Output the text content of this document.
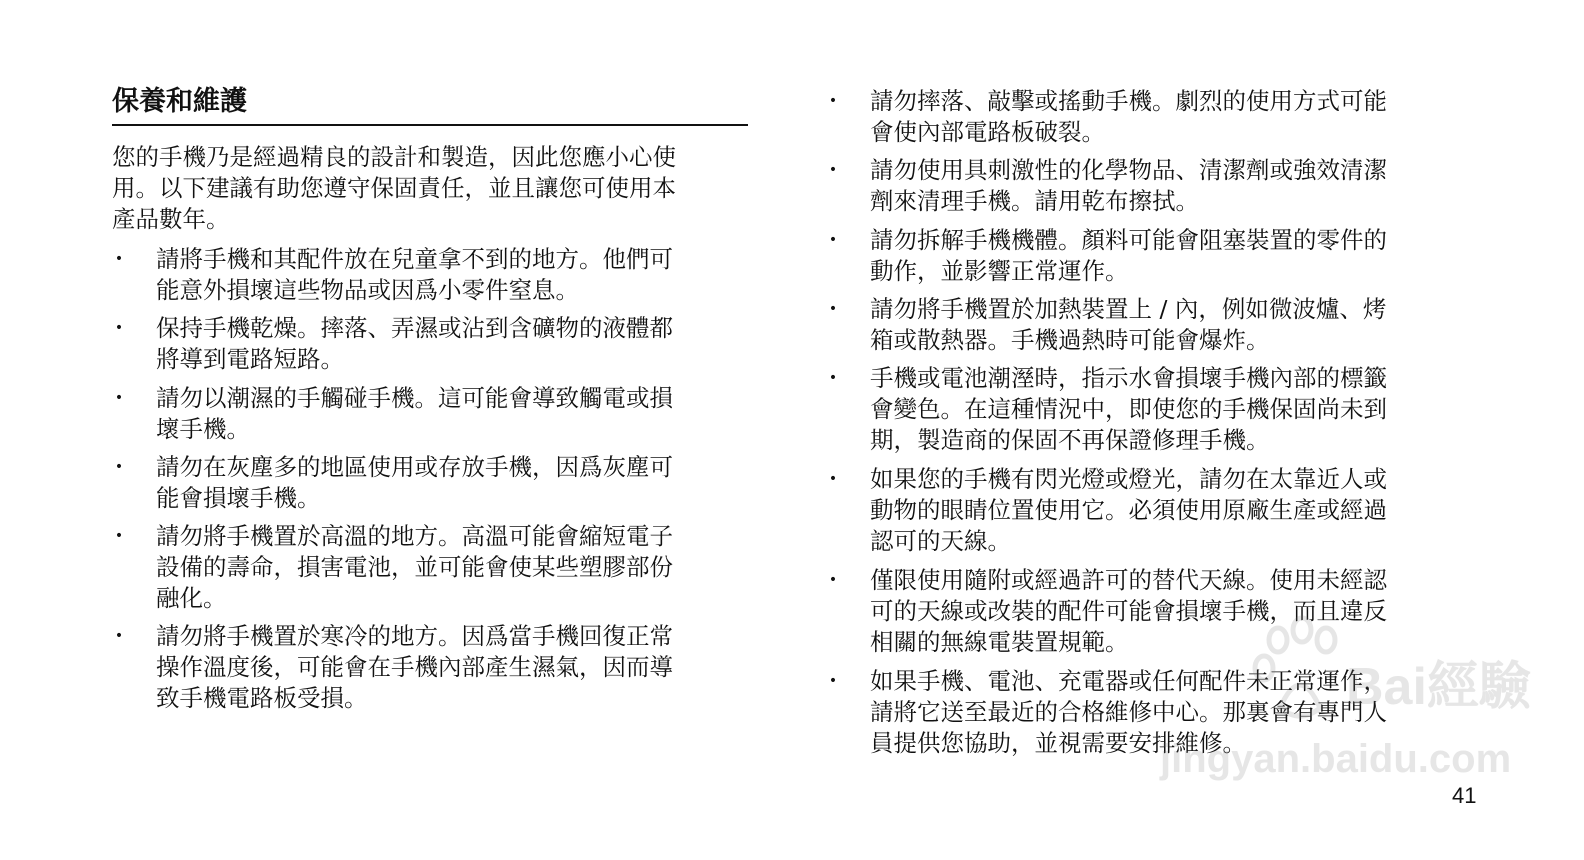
保養和維護
您的手機乃是經過精良的設計和製造，因此您應小心使
用。以下建議有助您遵守保固責任，並且讓您可使用本
產品數年。
• 請將手機和其配件放在兒童拿不到的地方。他們可
能意外損壞這些物品或因爲小零件窒息。
• 保持手機乾燥。摔落、弄濕或沾到含礦物的液體都
將導到電路短路。
• 請勿以潮濕的手觸碰手機。這可能會導致觸電或損
壞手機。
• 請勿在灰塵多的地區使用或存放手機，因爲灰塵可
能會損壞手機。
• 請勿將手機置於高溫的地方。高溫可能會縮短電子
設備的壽命，損害電池，並可能會使某些塑膠部份
融化。
• 請勿將手機置於寒冷的地方。因爲當手機回復正常
操作溫度後，可能會在手機內部產生濕氣，因而導
致手機電路板受損。
• 請勿摔落、敲擊或搖動手機。劇烈的使用方式可能
會使內部電路板破裂。
• 請勿使用具刺激性的化學物品、清潔劑或強效清潔
劑來清理手機。請用乾布擦拭。
• 請勿拆解手機機體。顏料可能會阻塞裝置的零件的
動作，並影響正常運作。
• 請勿將手機置於加熱裝置上 / 內，例如微波爐、烤
箱或散熱器。手機過熱時可能會爆炸。
• 手機或電池潮溼時，指示水會損壞手機內部的標籤
會變色。在這種情況中，即使您的手機保固尚未到
期，製造商的保固不再保證修理手機。
• 如果您的手機有閃光燈或燈光，請勿在太靠近人或
動物的眼睛位置使用它。必須使用原廠生產或經過
認可的天線。
• 僅限使用隨附或經過許可的替代天線。使用未經認
可的天線或改裝的配件可能會損壞手機，而且違反
相關的無線電裝置規範。
• 如果手機、電池、充電器或任何配件未正常運作，
請將它送至最近的合格維修中心。那裏會有專門人
員提供您協助，並視需要安排維修。
Bai經驗
jingyan.baidu.com
41
